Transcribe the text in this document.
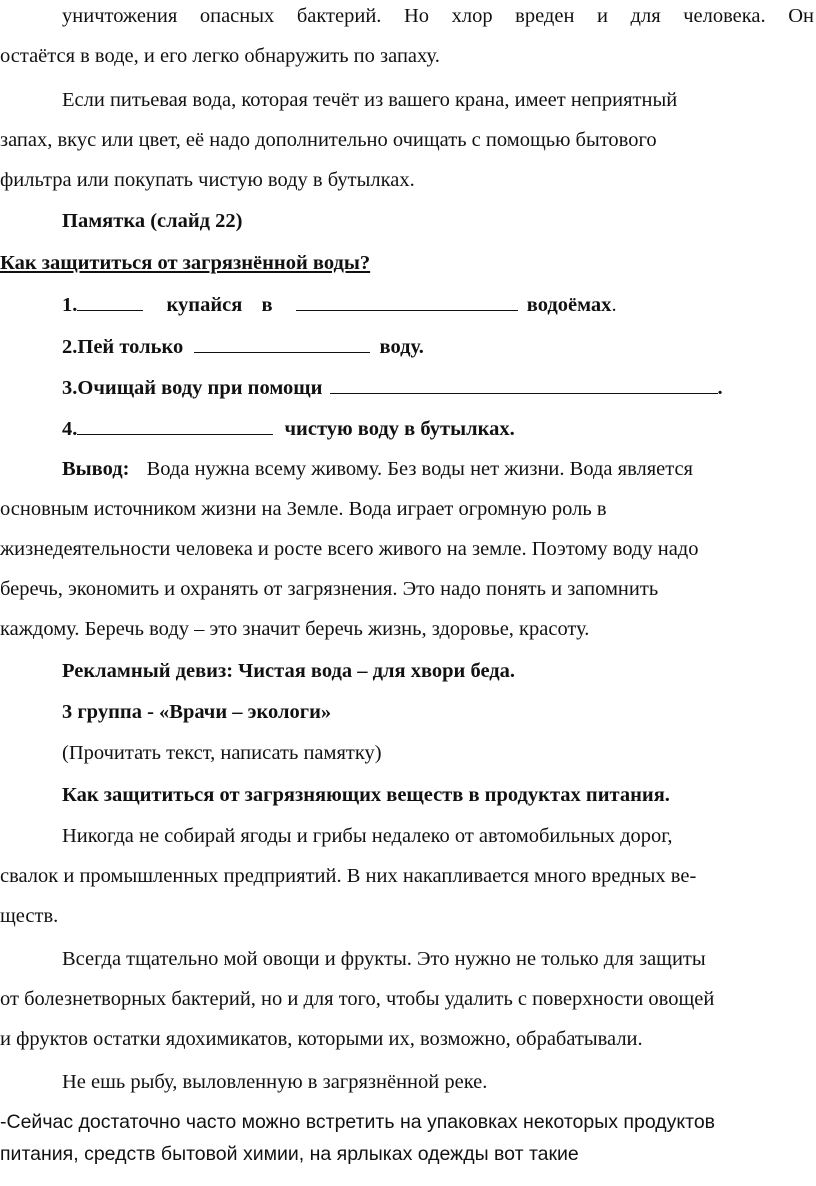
уничтожения опасных бактерий. Но хлор вреден и для человека. Он
остаётся в воде, и его легко обнаружить по запаху.
Если питьевая вода, которая течёт из вашего крана, имеет неприятный
запах, вкус или цвет, её надо дополнительно очищать с помощью бытового
фильтра или покупать чистую воду в бутылках.
Памятка (слайд 22)
Как защититься от загрязнённой воды?
1.	купайся в	водоёмах.
2.Пей только	воду.
3.Очищай воду при помощи	.
4.	чистую воду в бутылках.
Вывод: Вода нужна всему живому. Без воды нет жизни. Вода является
основным источником жизни на Земле. Вода играет огромную роль в
жизнедеятельности человека и росте всего живого на земле. Поэтому воду надо
беречь, экономить и охранять от загрязнения. Это надо понять и запомнить
каждому. Беречь воду – это значит беречь жизнь, здоровье, красоту.
Рекламный девиз: Чистая вода – для хвори беда.
3 группа - «Врачи – экологи»
(Прочитать текст, написать памятку)
Как защититься от загрязняющих веществ в продуктах питания.
Никогда не собирай ягоды и грибы недалеко от автомобильных дорог,
свалок и промышленных предприятий. В них накапливается много вредных ве-
ществ.
Всегда тщательно мой овощи и фрукты. Это нужно не только для защиты
от болезнетворных бактерий, но и для того, чтобы удалить с поверхности овощей
и фруктов остатки ядохимикатов, которыми их, возможно, обрабатывали.
Не ешь рыбу, выловленную в загрязнённой реке.
-Сейчас достаточно часто можно встретить на упаковках некоторых продуктов
питания, средств бытовой химии, на ярлыках одежды вот такие
